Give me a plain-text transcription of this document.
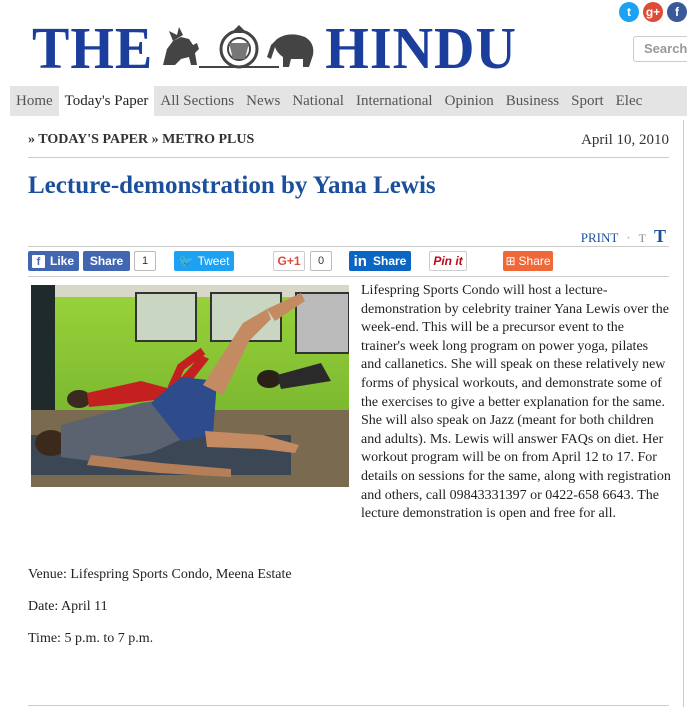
THE	HINDU
t	g+	f
Search
Home Today's Paper All Sections News National International Opinion Business Sport Elec
» TODAY'S PAPER » METRO PLUS	April 10, 2010
Lecture-demonstration by Yana Lewis
PRINT · T T
f Like	Share	1	🐦 Tweet	G+1	0	in Share	Pin it	⊞ Share
Lifespring Sports Condo will host a lecture-demonstration by celebrity trainer Yana Lewis over the week-end. This will be a precursor event to the trainer's week long program on power yoga, pilates and callanetics. She will speak on these relatively new forms of physical workouts, and demonstrate some of the exercises to give a better explanation for the same. She will also speak on Jazz (meant for both children and adults). Ms. Lewis will answer FAQs on diet. Her workout program will be on from April 12 to 17. For details on sessions for the same, along with registration and others, call 09843331397 or 0422-658 6643. The lecture demonstration is open and free for all.
Venue: Lifespring Sports Condo, Meena Estate
Date: April 11
Time: 5 p.m. to 7 p.m.
